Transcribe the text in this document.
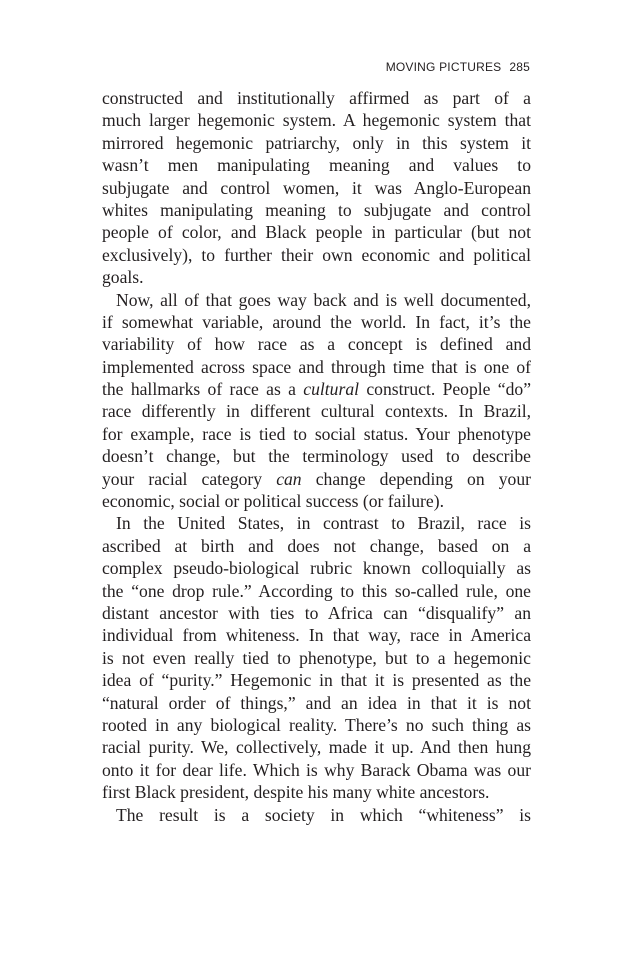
MOVING PICTURES 285
constructed and institutionally affirmed as part of a
much larger hegemonic system. A hegemonic system that
mirrored hegemonic patriarchy, only in this system it
wasn’t men manipulating meaning and values to
subjugate and control women, it was Anglo-European
whites manipulating meaning to subjugate and control
people of color, and Black people in particular (but not
exclusively), to further their own economic and political
goals.
Now, all of that goes way back and is well documented,
if somewhat variable, around the world. In fact, it’s the
variability of how race as a concept is defined and
implemented across space and through time that is one of
the hallmarks of race as a cultural construct. People “do”
race differently in different cultural contexts. In Brazil,
for example, race is tied to social status. Your phenotype
doesn’t change, but the terminology used to describe
your racial category can change depending on your
economic, social or political success (or failure).
In the United States, in contrast to Brazil, race is
ascribed at birth and does not change, based on a
complex pseudo-biological rubric known colloquially as
the “one drop rule.” According to this so-called rule, one
distant ancestor with ties to Africa can “disqualify” an
individual from whiteness. In that way, race in America
is not even really tied to phenotype, but to a hegemonic
idea of “purity.” Hegemonic in that it is presented as the
“natural order of things,” and an idea in that it is not
rooted in any biological reality. There’s no such thing as
racial purity. We, collectively, made it up. And then hung
onto it for dear life. Which is why Barack Obama was our
first Black president, despite his many white ancestors.
The result is a society in which “whiteness” is
